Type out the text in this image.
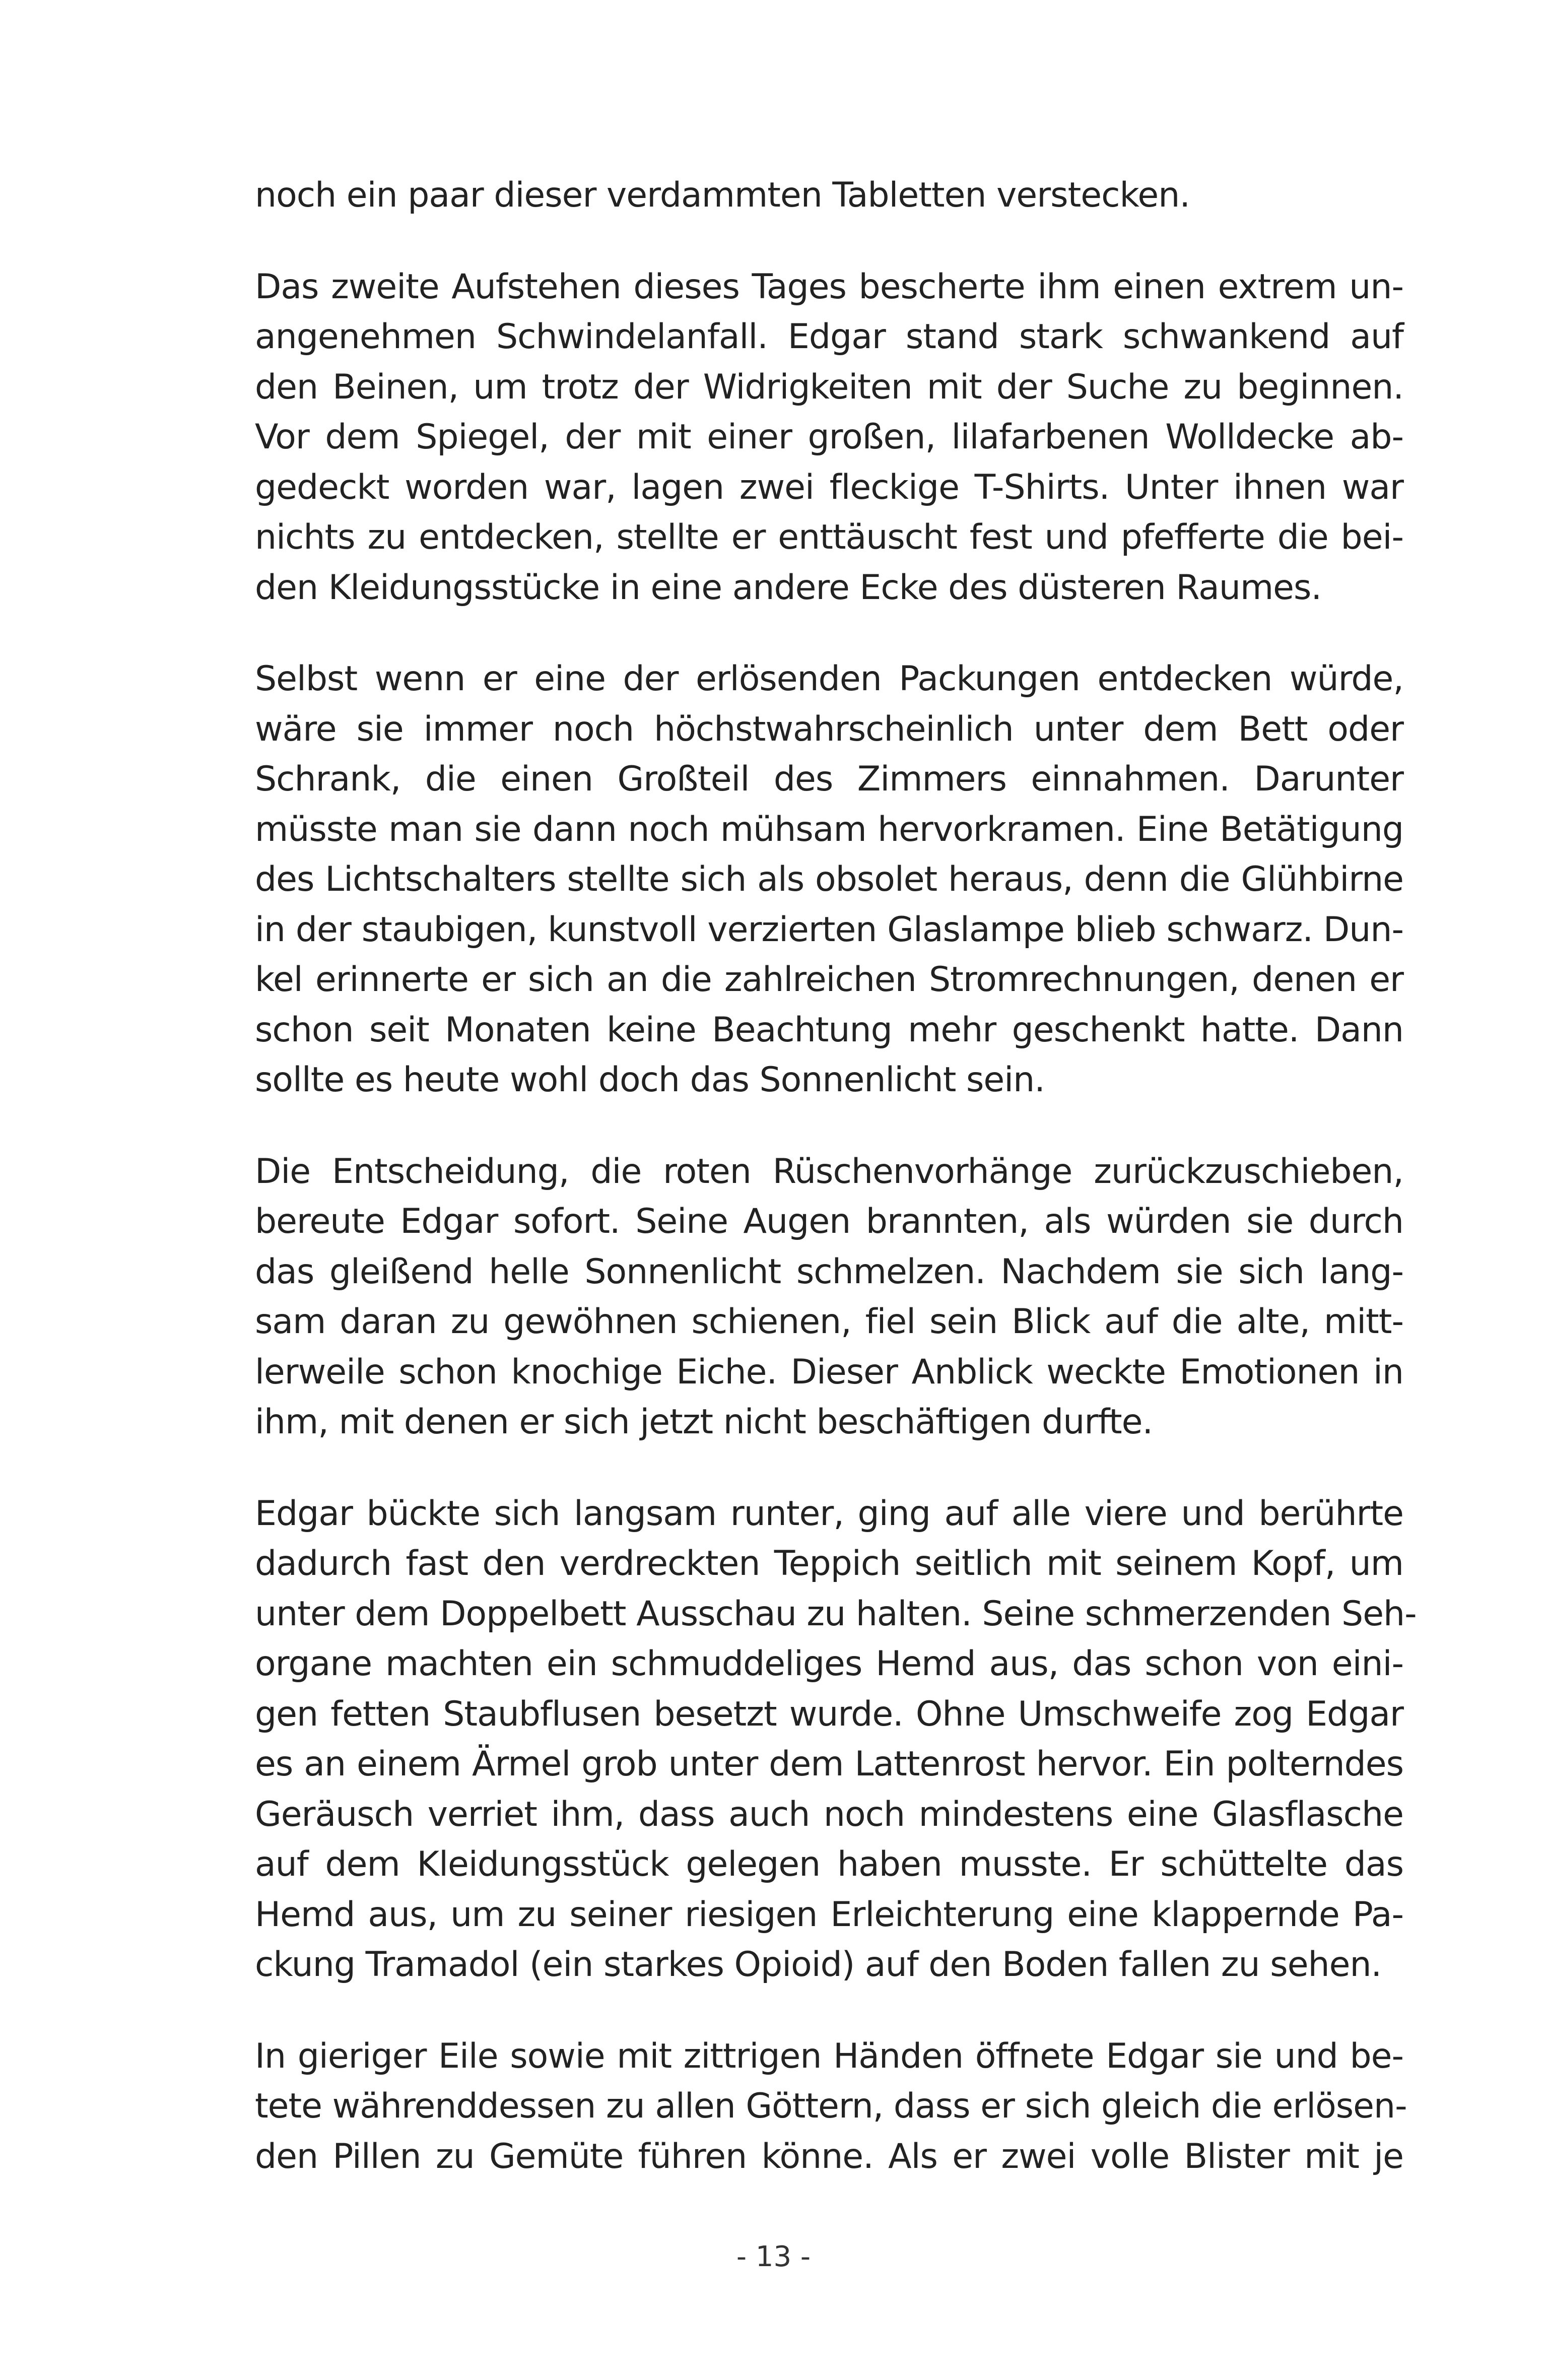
noch ein paar dieser verdammten Tabletten verstecken.
Das zweite Aufstehen dieses Tages bescherte ihm einen extrem un-
angenehmen Schwindelanfall. Edgar stand stark schwankend auf
den Beinen, um trotz der Widrigkeiten mit der Suche zu beginnen.
Vor dem Spiegel, der mit einer großen, lilafarbenen Wolldecke ab-
gedeckt worden war, lagen zwei fleckige T-Shirts. Unter ihnen war
nichts zu entdecken, stellte er enttäuscht fest und pfefferte die bei-
den Kleidungsstücke in eine andere Ecke des düsteren Raumes.
Selbst wenn er eine der erlösenden Packungen entdecken würde,
wäre sie immer noch höchstwahrscheinlich unter dem Bett oder
Schrank, die einen Großteil des Zimmers einnahmen. Darunter
müsste man sie dann noch mühsam hervorkramen. Eine Betätigung
des Lichtschalters stellte sich als obsolet heraus, denn die Glühbirne
in der staubigen, kunstvoll verzierten Glaslampe blieb schwarz. Dun-
kel erinnerte er sich an die zahlreichen Stromrechnungen, denen er
schon seit Monaten keine Beachtung mehr geschenkt hatte. Dann
sollte es heute wohl doch das Sonnenlicht sein.
Die Entscheidung, die roten Rüschenvorhänge zurückzuschieben,
bereute Edgar sofort. Seine Augen brannten, als würden sie durch
das gleißend helle Sonnenlicht schmelzen. Nachdem sie sich lang-
sam daran zu gewöhnen schienen, fiel sein Blick auf die alte, mitt-
lerweile schon knochige Eiche. Dieser Anblick weckte Emotionen in
ihm, mit denen er sich jetzt nicht beschäftigen durfte.
Edgar bückte sich langsam runter, ging auf alle viere und berührte
dadurch fast den verdreckten Teppich seitlich mit seinem Kopf, um
unter dem Doppelbett Ausschau zu halten. Seine schmerzenden Seh-
organe machten ein schmuddeliges Hemd aus, das schon von eini-
gen fetten Staubflusen besetzt wurde. Ohne Umschweife zog Edgar
es an einem Ärmel grob unter dem Lattenrost hervor. Ein polterndes
Geräusch verriet ihm, dass auch noch mindestens eine Glasflasche
auf dem Kleidungsstück gelegen haben musste. Er schüttelte das
Hemd aus, um zu seiner riesigen Erleichterung eine klappernde Pa-
ckung Tramadol (ein starkes Opioid) auf den Boden fallen zu sehen.
In gieriger Eile sowie mit zittrigen Händen öffnete Edgar sie und be-
tete währenddessen zu allen Göttern, dass er sich gleich die erlösen-
den Pillen zu Gemüte führen könne. Als er zwei volle Blister mit je
- 13 -
